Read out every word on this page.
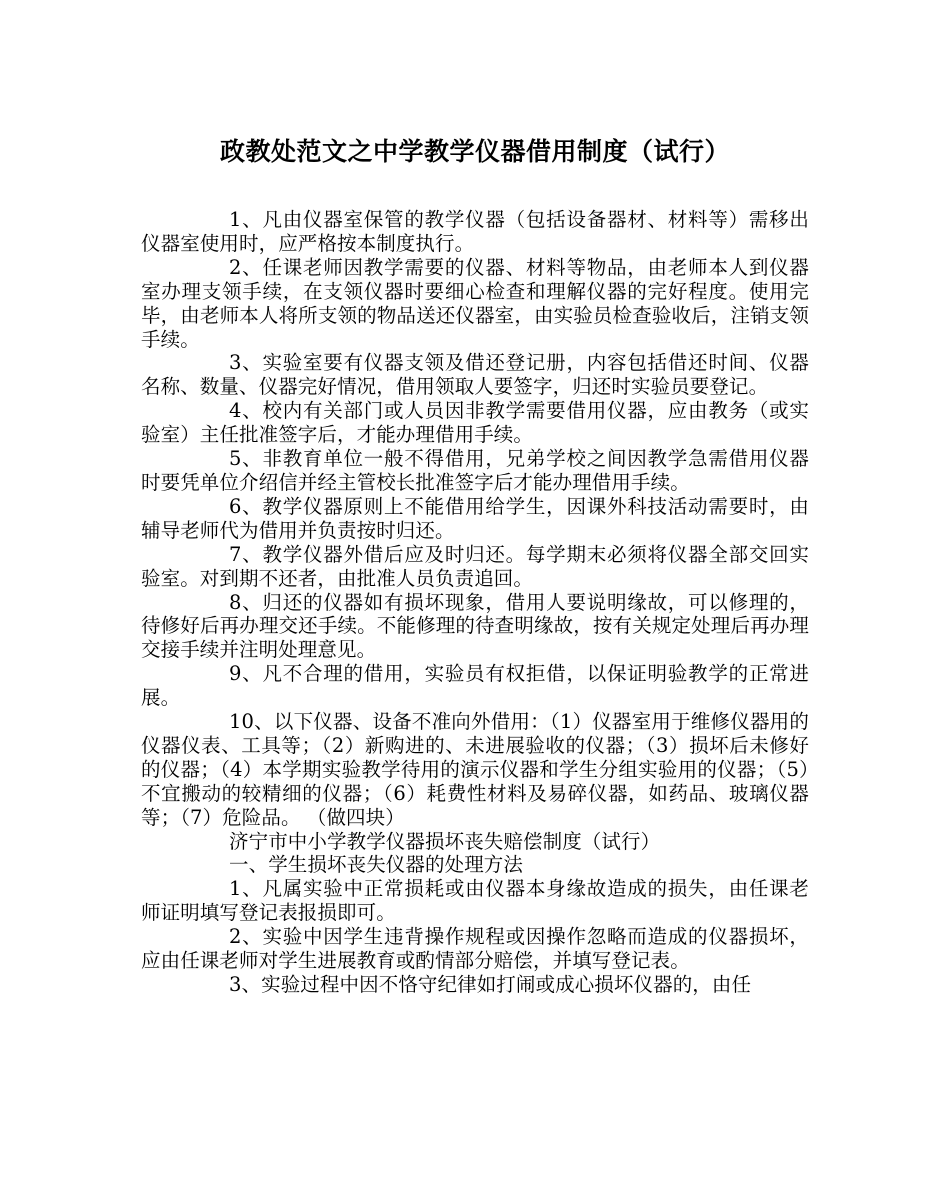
政教处范文之中学教学仪器借用制度（试行）

1、凡由仪器室保管的教学仪器（包括设备器材、材料等）需移出仪器室使用时，应严格按本制度执行。

2、任课老师因教学需要的仪器、材料等物品，由老师本人到仪器室办理支领手续，在支领仪器时要细心检查和理解仪器的完好程度。使用完毕，由老师本人将所支领的物品送还仪器室，由实验员检查验收后，注销支领手续。

3、实验室要有仪器支领及借还登记册，内容包括借还时间、仪器名称、数量、仪器完好情况，借用领取人要签字，归还时实验员要登记。

4、校内有关部门或人员因非教学需要借用仪器，应由教务（或实验室）主任批准签字后，才能办理借用手续。

5、非教育单位一般不得借用，兄弟学校之间因教学急需借用仪器时要凭单位介绍信并经主管校长批准签字后才能办理借用手续。

6、教学仪器原则上不能借用给学生，因课外科技活动需要时，由辅导老师代为借用并负责按时归还。

7、教学仪器外借后应及时归还。每学期末必须将仪器全部交回实验室。对到期不还者，由批准人员负责追回。

8、归还的仪器如有损坏现象，借用人要说明缘故，可以修理的，待修好后再办理交还手续。不能修理的待查明缘故，按有关规定处理后再办理交接手续并注明处理意见。

9、凡不合理的借用，实验员有权拒借，以保证明验教学的正常进展。

10、以下仪器、设备不准向外借用：（1）仪器室用于维修仪器用的仪器仪表、工具等；（2）新购进的、未进展验收的仪器；（3）损坏后未修好的仪器；（4）本学期实验教学待用的演示仪器和学生分组实验用的仪器；（5）不宜搬动的较精细的仪器；（6）耗费性材料及易碎仪器，如药品、玻璃仪器等；（7）危险品。 （做四块）

济宁市中小学教学仪器损坏丧失赔偿制度（试行）

一、学生损坏丧失仪器的处理方法

1、凡属实验中正常损耗或由仪器本身缘故造成的损失，由任课老师证明填写登记表报损即可。

2、实验中因学生违背操作规程或因操作忽略而造成的仪器损坏，应由任课老师对学生进展教育或酌情部分赔偿，并填写登记表。

3、实验过程中因不恪守纪律如打闹或成心损坏仪器的，由任
